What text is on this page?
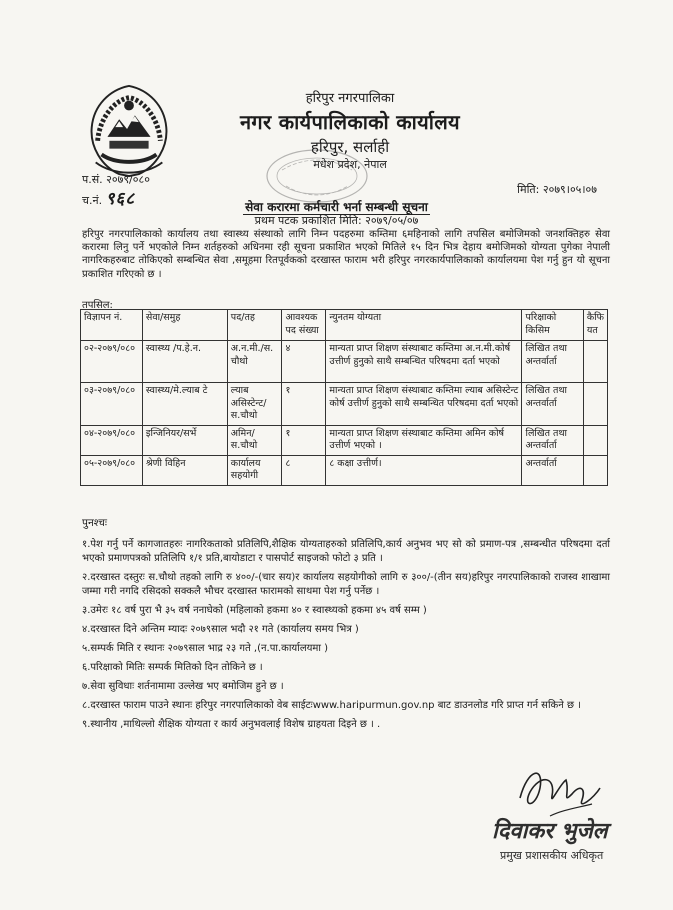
हरिपुर नगरपालिका
नगर कार्यपालिकाको कार्यालय
हरिपुर, सर्लाही
मधेश प्रदेश, नेपाल
प.सं. २०७९/०८०
च.नं. ९६८	मिति: २०७९।०५।०७
सेवा करारमा कर्मचारी भर्ना सम्बन्धी सूचना
प्रथम पटक प्रकाशित मिति: २०७९/०५/०७
हरिपुर नगरपालिकाको कार्यालय तथा स्वास्थ्य संस्थाको लागि निम्न पदहरुमा कम्तिमा ६महिनाको लागि तपसिल बमोजिमको जनशक्तिहरु सेवा करारमा लिनु पर्ने भएकोले निम्न शर्तहरुको अधिनमा रही सूचना प्रकाशित भएको मितिले १५ दिन भित्र देहाय बमोजिमको योग्यता पुगेका नेपाली नागरिकहरुबाट तोकिएको सम्बन्धित सेवा ,समूहमा रितपूर्वकको दरखास्त फाराम भरी हरिपुर नगरकार्यपालिकाको कार्यालयमा पेश गर्नु हुन यो सूचना प्रकाशित गरिएको छ ।
तपसिल:
विज्ञापन नं.	सेवा/समुह	पद/तह	आवश्यक पद संख्या	न्युनतम योग्यता	परिक्षाको किसिम	कैफि यत
०२-२०७९/०८०	स्वास्थ्य /प.हे.न.	अ.न.मी./स. चौथो	४	मान्यता प्राप्त शिक्षण संस्थाबाट कम्तिमा अ.न.मी.कोर्ष उत्तीर्ण हुनुको साथै सम्बन्धित परिषदमा दर्ता भएको	लिखित तथा अन्तर्वार्ता	
०३-२०७९/०८०	स्वास्थ्य/मे.ल्याब टे	ल्याब असिस्टेन्ट/स.चौथो	१	मान्यता प्राप्त शिक्षण संस्थाबाट कम्तिमा ल्याब असिस्टेन्ट कोर्ष उत्तीर्ण हुनुको साथै सम्बन्धित परिषदमा दर्ता भएको	लिखित तथा अन्तर्वार्ता	
०४-२०७९/०८०	इन्जिनियर/सर्भे	अमिन/ स.चौथो	१	मान्यता प्राप्त शिक्षण संस्थाबाट कम्तिमा अमिन कोर्ष उत्तीर्ण भएको ।	लिखित तथा अन्तर्वार्ता	
०५-२०७९/०८०	श्रेणी विहिन	कार्यालय सहयोगी	८	८ कक्षा उत्तीर्ण।	अन्तर्वार्ता	
पुनश्चः

१.पेश गर्नु पर्ने कागजातहरुः नागरिकताको प्रतिलिपि,शैक्षिक योग्यताहरुको प्रतिलिपि,कार्य अनुभव भए सो को प्रमाण-पत्र ,सम्बन्धीत परिषदमा दर्ता भएको प्रमाणपत्रको प्रतिलिपि १/१ प्रति,बायोडाटा र पासपोर्ट साइजको फोटो ३ प्रति ।

२.दरखास्त दस्तुरः स.चौथो तहको लागि रु ४००/-(चार सय)र कार्यालय सहयोगीको लागि रु ३००/-(तीन सय)हरिपुर नगरपालिकाको राजस्व शाखामा जम्मा गरी नगदि रसिदको सक्कलै भौचर दरखास्त फारामको साथमा पेश गर्नु पर्नेछ ।

३.उमेरः १८ वर्ष पुरा भै ३५ वर्ष ननाघेको (महिलाको हकमा ४० र स्वास्थ्यको हकमा ४५ वर्ष सम्म )

४.दरखास्त दिने अन्तिम म्यादः २०७९साल भदौ २१ गते (कार्यालय समय भित्र )

५.सम्पर्क मिति र स्थानः २०७९साल भाद्र २३ गते ,(न.पा.कार्यालयमा )

६.परिक्षाको मितिः सम्पर्क मितिको दिन तोकिने छ ।

७.सेवा सुविधाः शर्तनामामा उल्लेख भए बमोजिम हुने छ ।

८.दरखास्त फाराम पाउने स्थानः हरिपुर नगरपालिकाको वेब साईटःwww.haripurmun.gov.np बाट डाउनलोड गरि प्राप्त गर्न सकिने छ ।

९.स्थानीय ,माथिल्लो शैक्षिक योग्यता र कार्य अनुभवलाई विशेष ग्राहयता दिइने छ । .

दिवाकर भुजेल
प्रमुख प्रशासकीय अधिकृत
